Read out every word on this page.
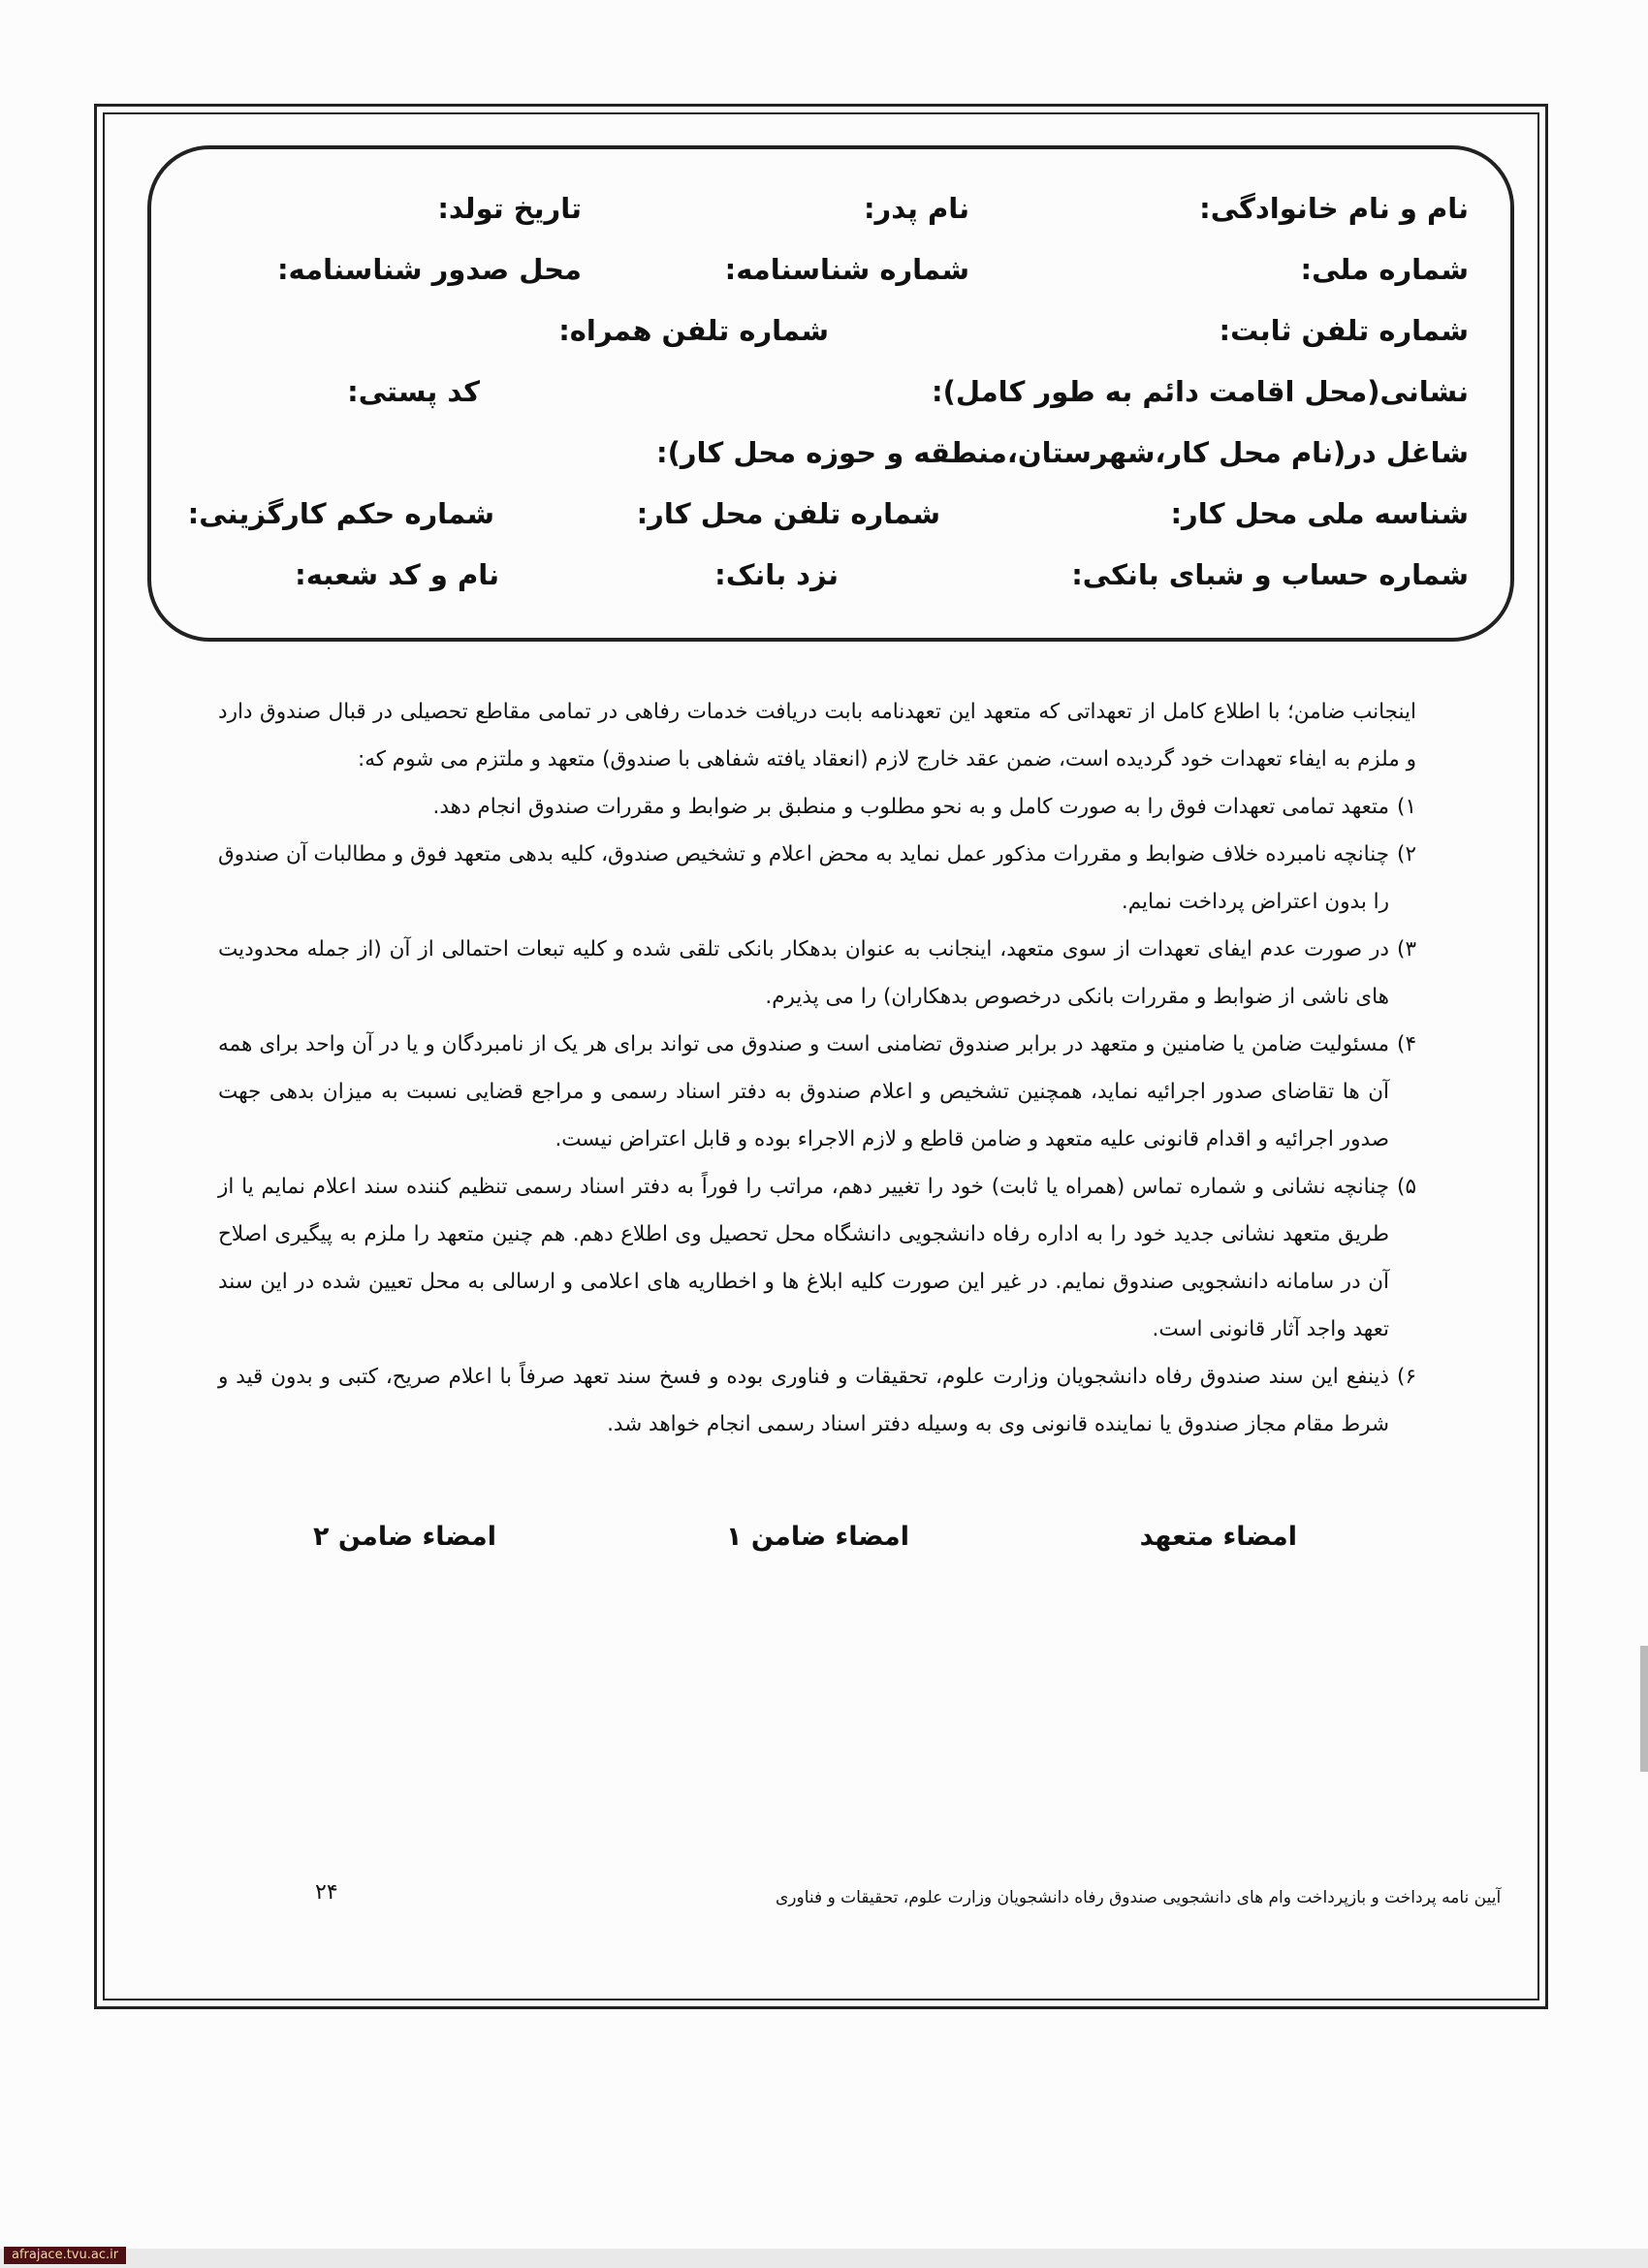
نام و نام خانوادگی:
نام پدر:
تاریخ تولد:
شماره ملی:
شماره شناسنامه:
محل صدور شناسنامه:
شماره تلفن ثابت:
شماره تلفن همراه:
نشانی(محل اقامت دائم به طور کامل):
کد پستی:
شاغل در(نام محل کار،شهرستان،منطقه و حوزه محل کار):
شناسه ملی محل کار:
شماره تلفن محل کار:
شماره حکم کارگزینی:
شماره حساب و شبای بانکی:
نزد بانک:
نام و کد شعبه:

اینجانب ضامن؛ با اطلاع کامل از تعهداتی که متعهد این تعهدنامه بابت دریافت خدمات رفاهی در تمامی مقاطع تحصیلی در قبال صندوق دارد و ملزم به ایفاء تعهدات خود گردیده است، ضمن عقد خارج لازم (انعقاد یافته شفاهی با صندوق) متعهد و ملتزم می شوم که:

۱)
متعهد تمامی تعهدات فوق را به صورت کامل و به نحو مطلوب و منطبق بر ضوابط و مقررات صندوق انجام دهد.
۲)
چنانچه نامبرده خلاف ضوابط و مقررات مذکور عمل نماید به محض اعلام و تشخیص صندوق، کلیه بدهی متعهد فوق و مطالبات آن صندوق را بدون اعتراض پرداخت نمایم.
۳)
در صورت عدم ایفای تعهدات از سوی متعهد، اینجانب به عنوان بدهکار بانکی تلقی شده و کلیه تبعات احتمالی از آن (از جمله محدودیت های ناشی از ضوابط و مقررات بانکی درخصوص بدهکاران) را می پذیرم.
۴)
مسئولیت ضامن یا ضامنین و متعهد در برابر صندوق تضامنی است و صندوق می تواند برای هر یک از نامبردگان و یا در آن واحد برای همه آن ها تقاضای صدور اجرائیه نماید، همچنین تشخیص و اعلام صندوق به دفتر اسناد رسمی و مراجع قضایی نسبت به میزان بدهی جهت صدور اجرائیه و اقدام قانونی علیه متعهد و ضامن قاطع و لازم الاجراء بوده و قابل اعتراض نیست.
۵)
چنانچه نشانی و شماره تماس (همراه یا ثابت) خود را تغییر دهم، مراتب را فوراً به دفتر اسناد رسمی تنظیم کننده سند اعلام نمایم یا از طریق متعهد نشانی جدید خود را به اداره رفاه دانشجویی دانشگاه محل تحصیل وی اطلاع دهم. هم چنین متعهد را ملزم به پیگیری اصلاح آن در سامانه دانشجویی صندوق نمایم. در غیر این صورت کلیه ابلاغ ها و اخطاریه های اعلامی و ارسالی به محل تعیین شده در این سند تعهد واجد آثار قانونی است.
۶)
ذینفع این سند صندوق رفاه دانشجویان وزارت علوم، تحقیقات و فناوری بوده و فسخ سند تعهد صرفاً با اعلام صریح، کتبی و بدون قید و شرط مقام مجاز صندوق یا نماینده قانونی وی به وسیله دفتر اسناد رسمی انجام خواهد شد.
امضاء متعهد
امضاء ضامن ۱
امضاء ضامن ۲
آیین نامه پرداخت و بازپرداخت وام های دانشجویی صندوق رفاه دانشجویان وزارت علوم، تحقیقات و فناوری
۲۴
afrajace.tvu.ac.ir
